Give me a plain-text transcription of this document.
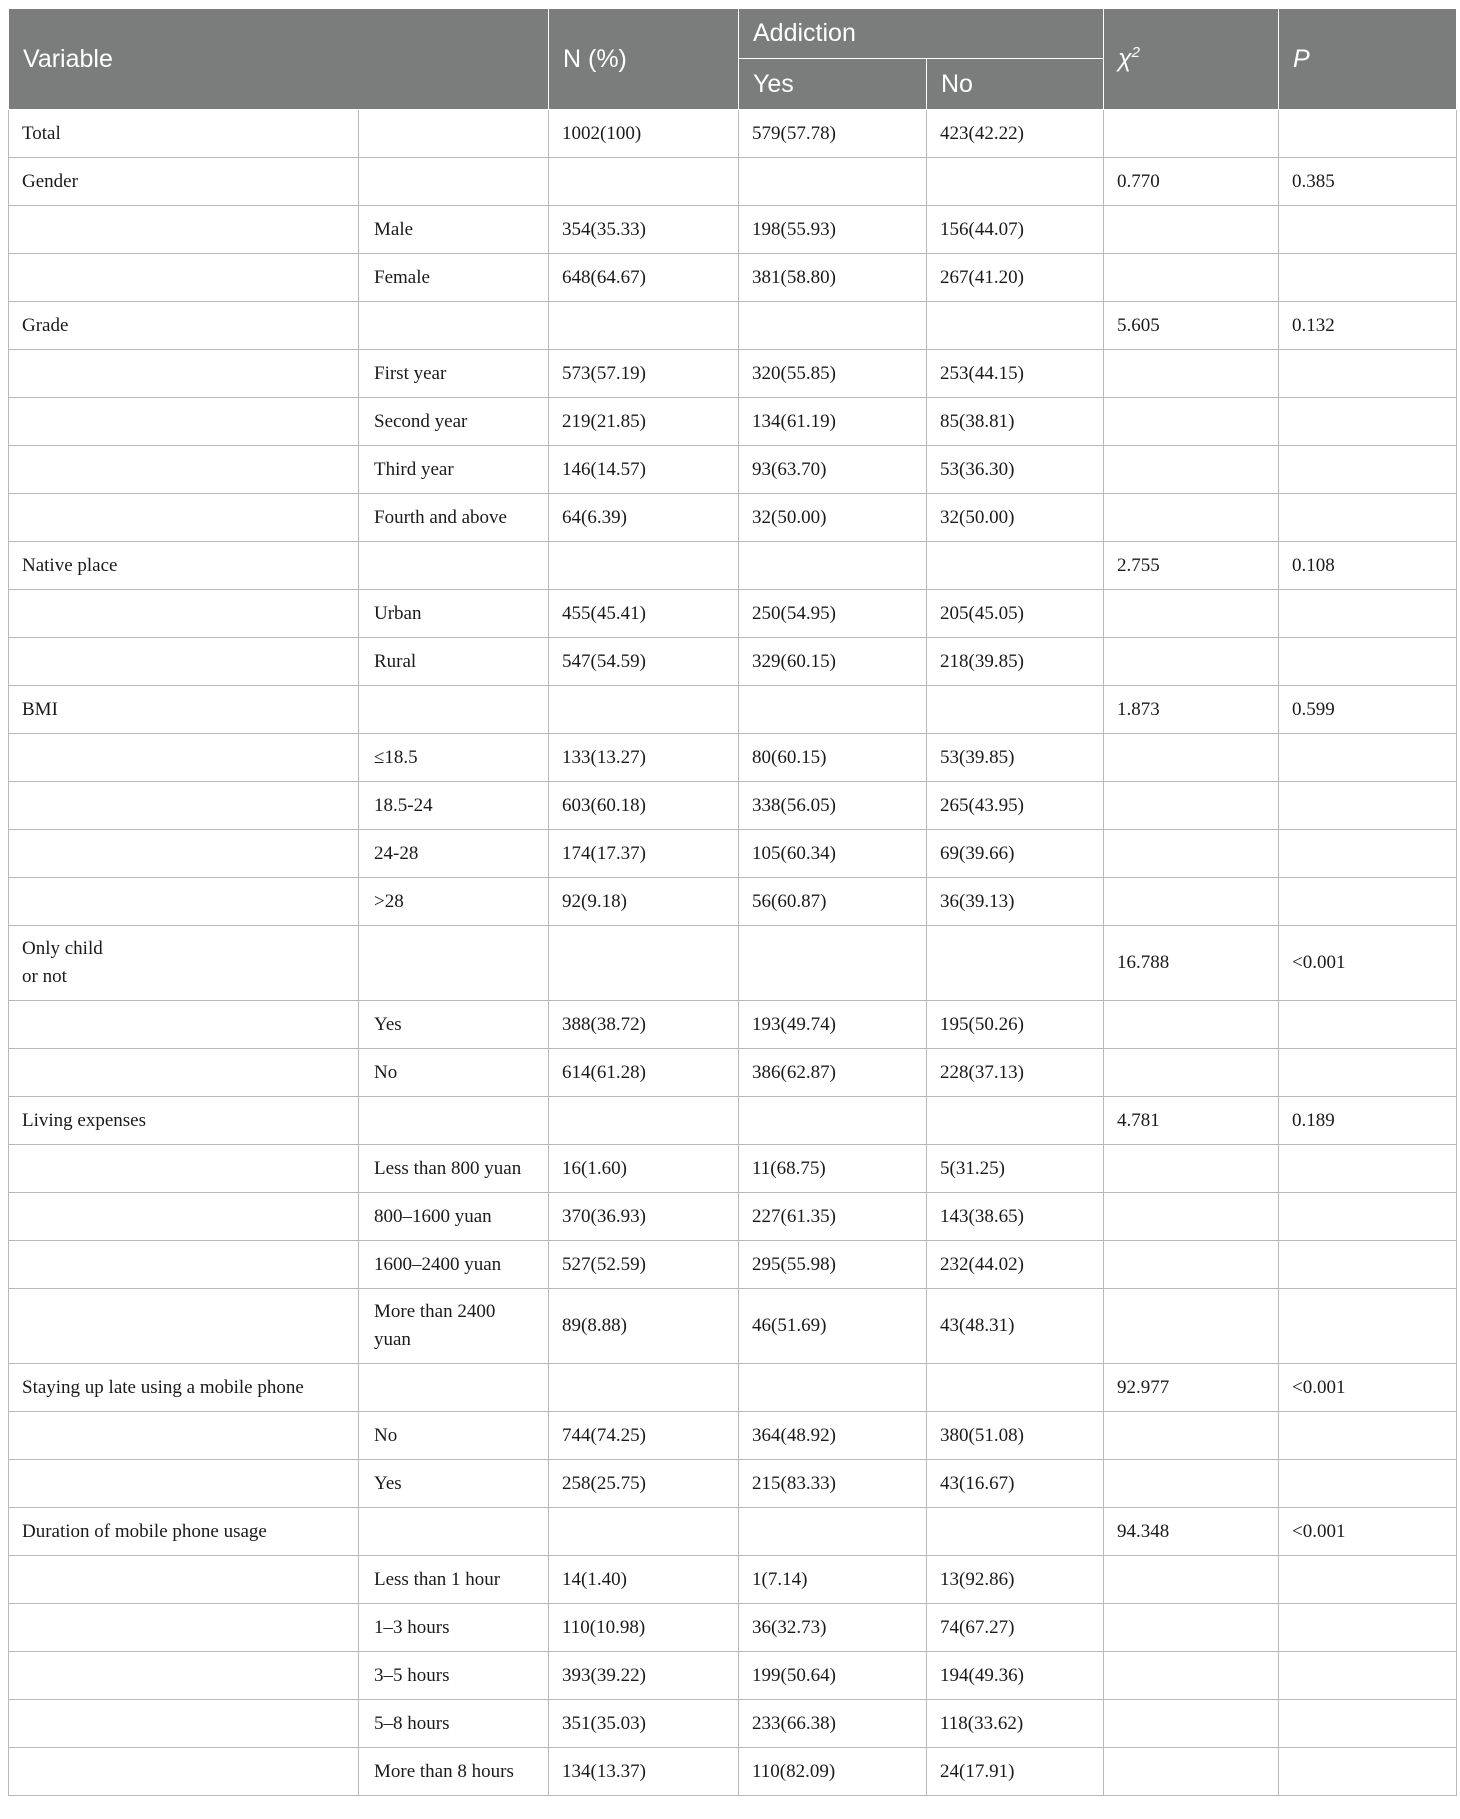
Variable		N (%)	Addiction		$\chi^2$	P
			Yes	No		
Total		1002(100)	579(57.78)	423(42.22)		
Gender					0.770	0.385
	Male	354(35.33)	198(55.93)	156(44.07)		
	Female	648(64.67)	381(58.80)	267(41.20)		
Grade					5.605	0.132
	First year	573(57.19)	320(55.85)	253(44.15)		
	Second year	219(21.85)	134(61.19)	85(38.81)		
	Third year	146(14.57)	93(63.70)	53(36.30)		
	Fourth and above	64(6.39)	32(50.00)	32(50.00)		
Native place					2.755	0.108
	Urban	455(45.41)	250(54.95)	205(45.05)		
	Rural	547(54.59)	329(60.15)	218(39.85)		
BMI					1.873	0.599
	≤18.5	133(13.27)	80(60.15)	53(39.85)		
	18.5-24	603(60.18)	338(56.05)	265(43.95)		
	24-28	174(17.37)	105(60.34)	69(39.66)		
	>28	92(9.18)	56(60.87)	36(39.13)		
Only child
or not					16.788	<0.001
	Yes	388(38.72)	193(49.74)	195(50.26)		
	No	614(61.28)	386(62.87)	228(37.13)		
Living expenses					4.781	0.189
	Less than 800 yuan	16(1.60)	11(68.75)	5(31.25)		
	800–1600 yuan	370(36.93)	227(61.35)	143(38.65)		
	1600–2400 yuan	527(52.59)	295(55.98)	232(44.02)		
	More than 2400
yuan	89(8.88)	46(51.69)	43(48.31)		
Staying up late using a mobile phone					92.977	<0.001
	No	744(74.25)	364(48.92)	380(51.08)		
	Yes	258(25.75)	215(83.33)	43(16.67)		
Duration of mobile phone usage					94.348	<0.001
	Less than 1 hour	14(1.40)	1(7.14)	13(92.86)		
	1–3 hours	110(10.98)	36(32.73)	74(67.27)		
	3–5 hours	393(39.22)	199(50.64)	194(49.36)		
	5–8 hours	351(35.03)	233(66.38)	118(33.62)		
	More than 8 hours	134(13.37)	110(82.09)	24(17.91)		
